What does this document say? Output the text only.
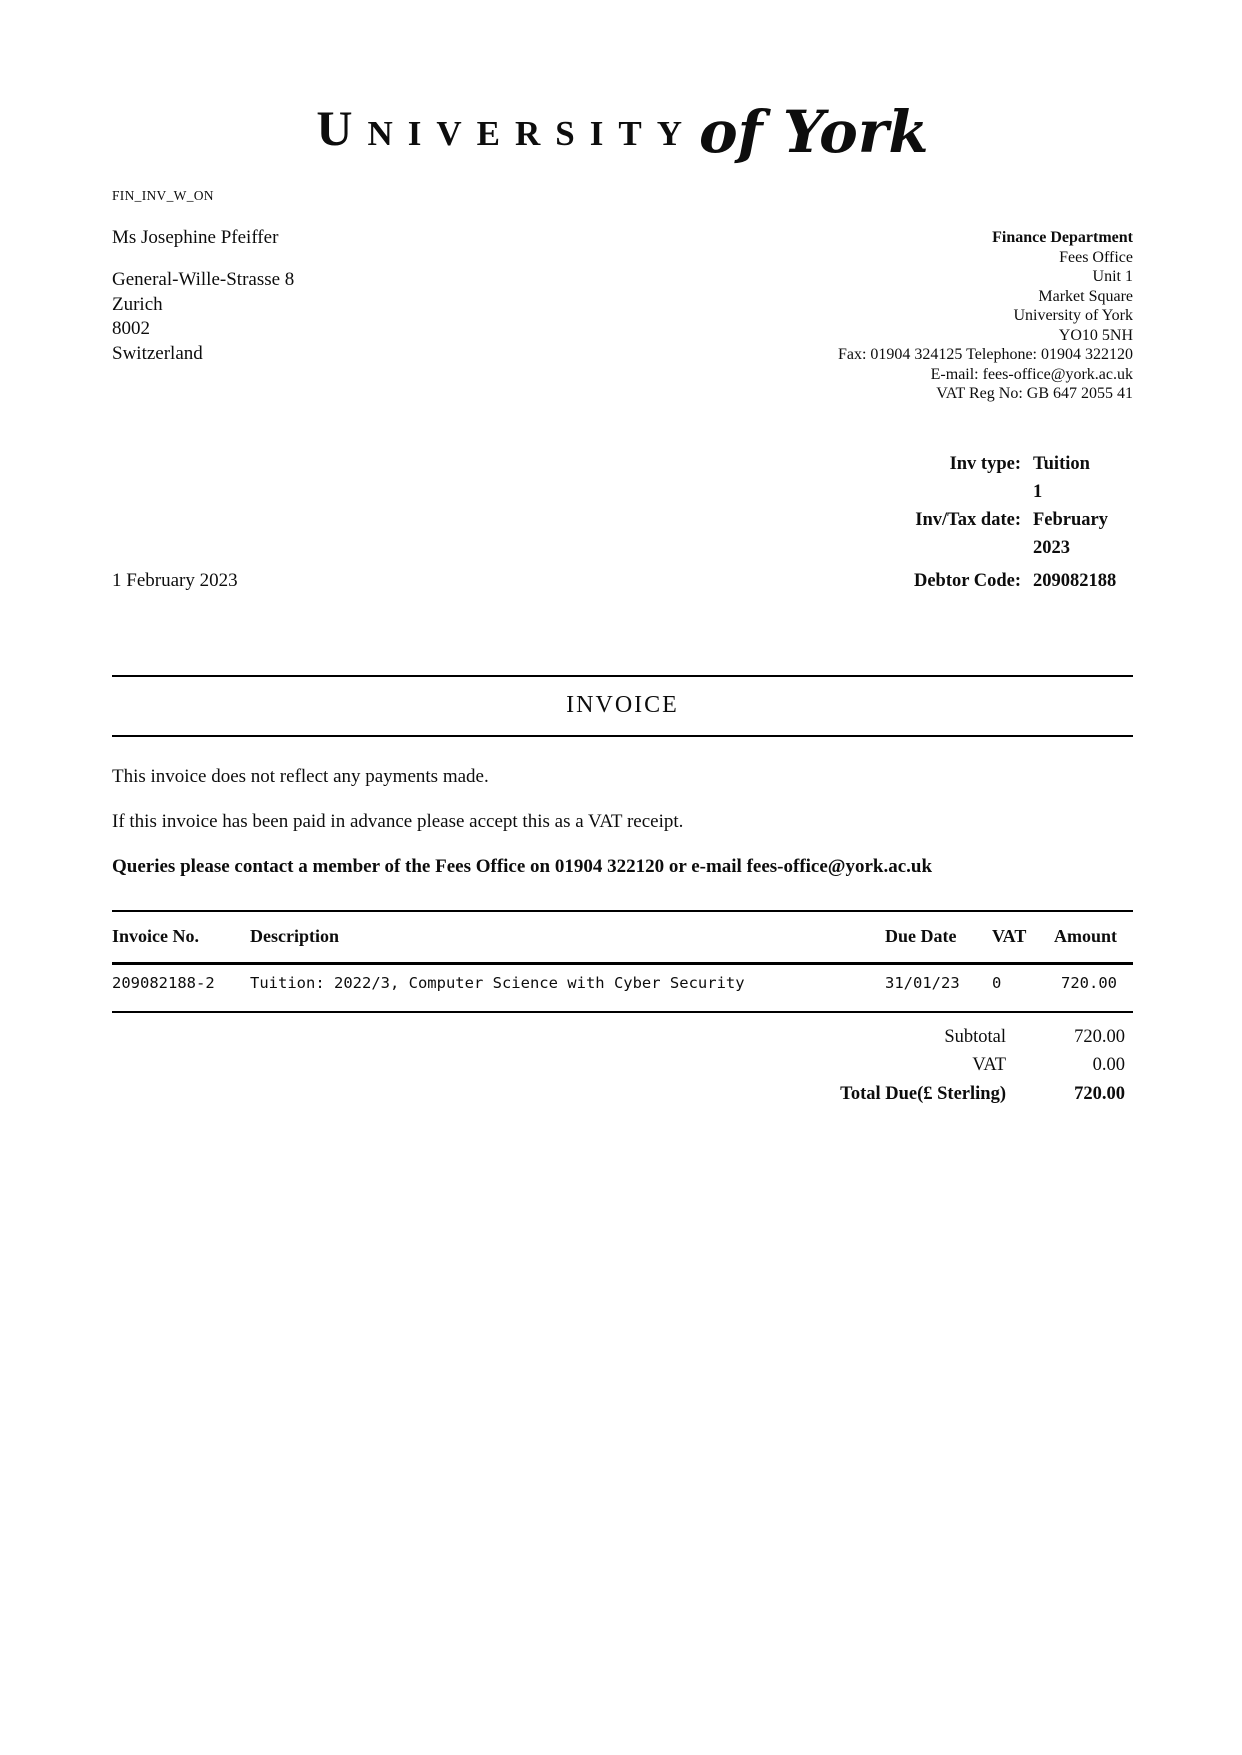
Universityof York
FIN_INV_W_ON
Ms Josephine Pfeiffer
General-Wille-Strasse 8
Zurich
8002
Switzerland
Finance Department
Fees Office
Unit 1
Market Square
University of York
YO10 5NH
Fax: 01904 324125 Telephone: 01904 322120
E-mail: fees-office@york.ac.uk
VAT Reg No: GB 647 2055 41
1 February 2023
Inv type: Tuition
1
Inv/Tax date: February
2023
Debtor Code: 209082188
INVOICE
This invoice does not reflect any payments made.
If this invoice has been paid in advance please accept this as a VAT receipt.
Queries please contact a member of the Fees Office on 01904 322120 or e-mail fees-office@york.ac.uk
Invoice No.	Description	Due Date	VAT	Amount
209082188-2	Tuition: 2022/3, Computer Science with Cyber Security	31/01/23	0	720.00
Subtotal	720.00
VAT	0.00
Total Due(£ Sterling)	720.00
